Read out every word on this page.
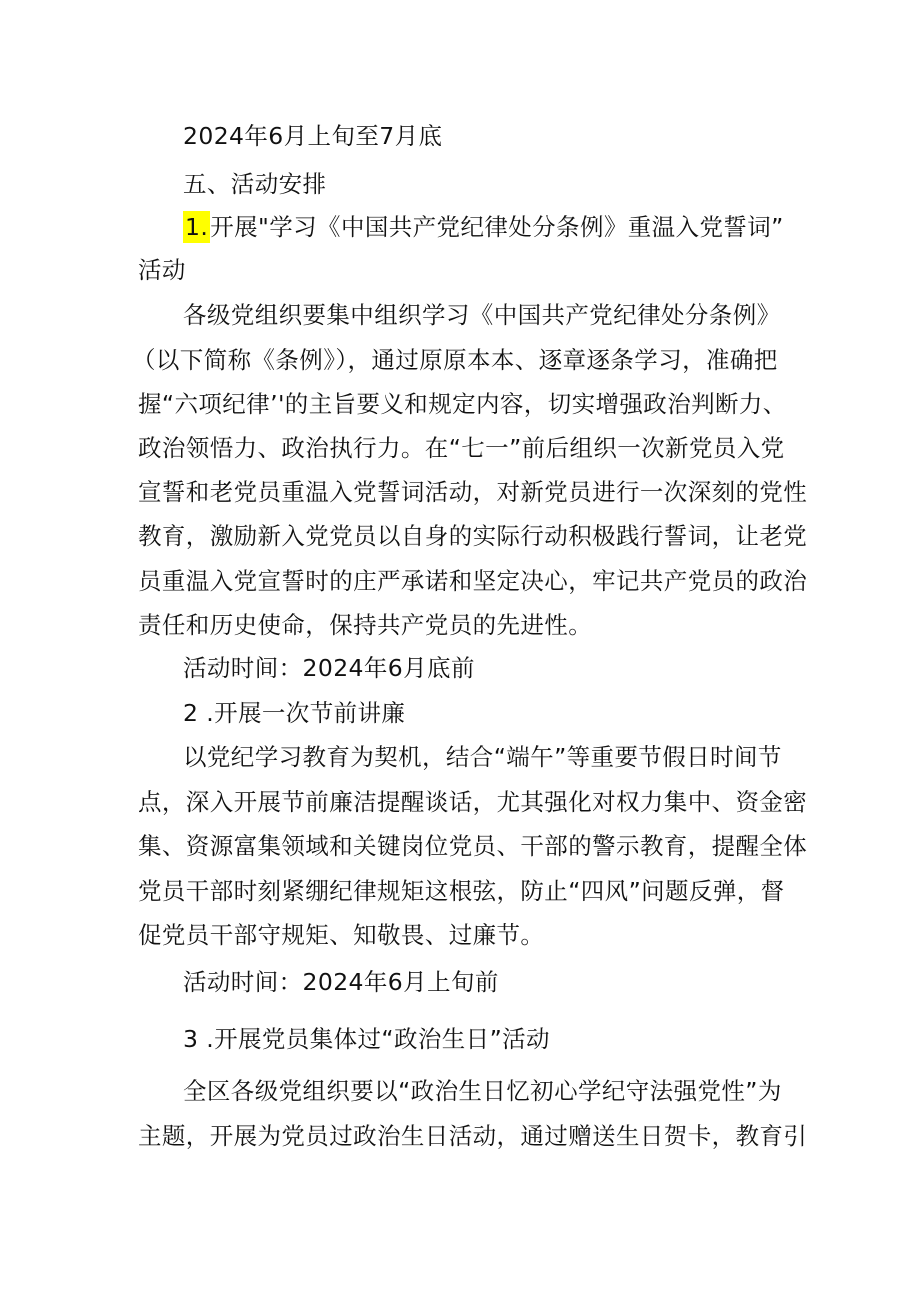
2024年6月上旬至7月底
五、活动安排
1.开展"学习《中国共产党纪律处分条例》重温入党誓词”
活动
各级党组织要集中组织学习《中国共产党纪律处分条例》
（以下简称《条例》），通过原原本本、逐章逐条学习，准确把
握“六项纪律’'的主旨要义和规定内容，切实增强政治判断力、
政治领悟力、政治执行力。在“七一”前后组织一次新党员入党
宣誓和老党员重温入党誓词活动，对新党员进行一次深刻的党性
教育，激励新入党党员以自身的实际行动积极践行誓词，让老党
员重温入党宣誓时的庄严承诺和坚定决心，牢记共产党员的政治
责任和历史使命，保持共产党员的先进性。
活动时间：2024年6月底前
2 .开展一次节前讲廉
以党纪学习教育为契机，结合“端午”等重要节假日时间节
点，深入开展节前廉洁提醒谈话，尤其强化对权力集中、资金密
集、资源富集领域和关键岗位党员、干部的警示教育，提醒全体
党员干部时刻紧绷纪律规矩这根弦，防止“四风”问题反弹，督
促党员干部守规矩、知敬畏、过廉节。
活动时间：2024年6月上旬前
3 .开展党员集体过“政治生日”活动
全区各级党组织要以“政治生日忆初心学纪守法强党性”为
主题，开展为党员过政治生日活动，通过赠送生日贺卡，教育引
